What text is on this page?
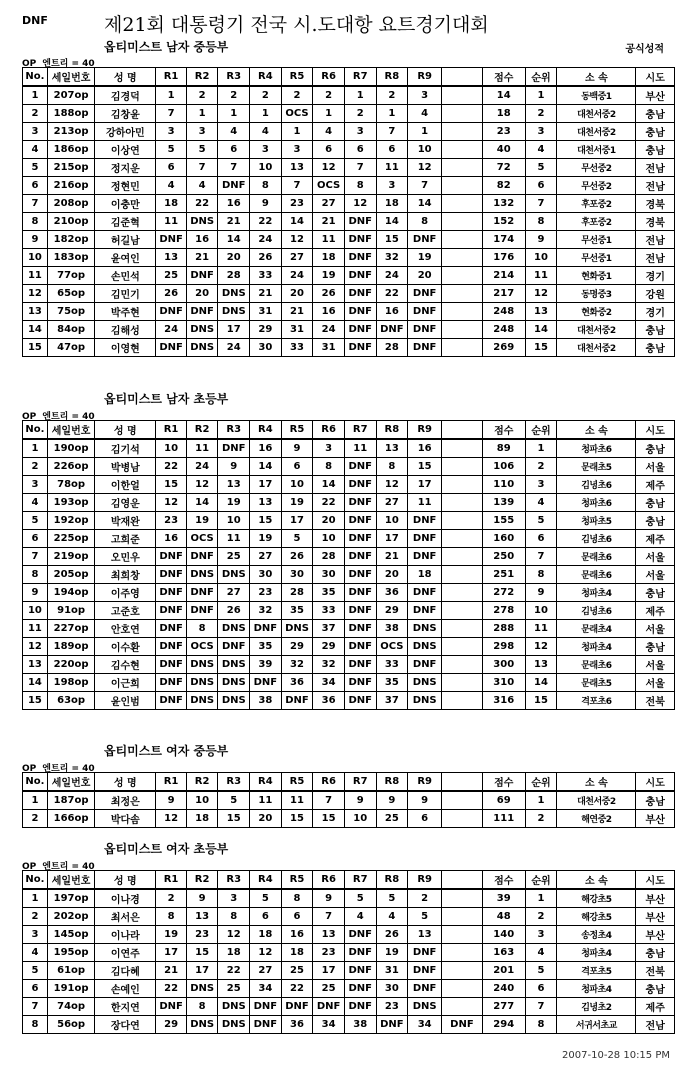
DNF	제21회 대통령기 전국 시.도대항 요트경기대회
공식성적
옵티미스트 남자 중등부
OP 엔트리 = 40
No.	세일번호	성 명	R1	R2	R3	R4	R5	R6	R7	R8	R9		점수	순위	소 속	시도
1	207op	김경덕	1	2	2	2	2	2	1	2	3		14	1	동백중1	부산
2	188op	김창윤	7	1	1	1	OCS	1	2	1	4		18	2	대천서중2	충남
3	213op	강하아민	3	3	4	4	1	4	3	7	1		23	3	대천서중2	충남
4	186op	이상연	5	5	6	3	3	6	6	6	10		40	4	대천서중1	충남
5	215op	정지운	6	7	7	10	13	12	7	11	12		72	5	무선중2	전남
6	216op	정현민	4	4	DNF	8	7	OCS	8	3	7		82	6	무선중2	전남
7	208op	이충만	18	22	16	9	23	27	12	18	14		132	7	후포중2	경북
8	210op	김준혁	11	DNS	21	22	14	21	DNF	14	8		152	8	후포중2	경북
9	182op	허길남	DNF	16	14	24	12	11	DNF	15	DNF		174	9	무선중1	전남
10	183op	윤여인	13	21	20	26	27	18	DNF	32	19		176	10	무선중1	전남
11	77op	손민석	25	DNF	28	33	24	19	DNF	24	20		214	11	현화중1	경기
12	65op	김민기	26	20	DNS	21	20	26	DNF	22	DNF		217	12	동명중3	강원
13	75op	박주현	DNF	DNF	DNS	31	21	16	DNF	16	DNF		248	13	현화중2	경기
14	84op	김해성	24	DNS	17	29	31	24	DNF	DNF	DNF		248	14	대천서중2	충남
15	47op	이영현	DNF	DNS	24	30	33	31	DNF	28	DNF		269	15	대천서중2	충남
옵티미스트 남자 초등부
OP 엔트리 = 40
No.	세일번호	성 명	R1	R2	R3	R4	R5	R6	R7	R8	R9		점수	순위	소 속	시도
1	190op	김기석	10	11	DNF	16	9	3	11	13	16		89	1	청파초6	충남
2	226op	박병남	22	24	9	14	6	8	DNF	8	15		106	2	문래초5	서울
3	78op	이한얼	15	12	13	17	10	14	DNF	12	17		110	3	김녕초6	제주
4	193op	김영운	12	14	19	13	19	22	DNF	27	11		139	4	청파초6	충남
5	192op	박재완	23	19	10	15	17	20	DNF	10	DNF		155	5	청파초5	충남
6	225op	고희준	16	OCS	11	19	5	10	DNF	17	DNF		160	6	김녕초6	제주
7	219op	오민우	DNF	DNF	25	27	26	28	DNF	21	DNF		250	7	문래초6	서울
8	205op	최희창	DNF	DNS	DNS	30	30	30	DNF	20	18		251	8	문래초6	서울
9	194op	이주영	DNF	DNF	27	23	28	35	DNF	36	DNF		272	9	청파초4	충남
10	91op	고준호	DNF	DNF	26	32	35	33	DNF	29	DNF		278	10	김녕초6	제주
11	227op	안호연	DNF	8	DNS	DNF	DNS	37	DNF	38	DNS		288	11	문래초4	서울
12	189op	이수환	DNF	OCS	DNF	35	29	29	DNF	OCS	DNS		298	12	청파초4	충남
13	220op	김수현	DNF	DNS	DNS	39	32	32	DNF	33	DNF		300	13	문래초6	서울
14	198op	이근희	DNF	DNS	DNS	DNF	36	34	DNF	35	DNS		310	14	문래초5	서울
15	63op	윤인범	DNF	DNS	DNS	38	DNF	36	DNF	37	DNS		316	15	격포초6	전북
옵티미스트 여자 중등부
OP 엔트리 = 40
No.	세일번호	성 명	R1	R2	R3	R4	R5	R6	R7	R8	R9		점수	순위	소 속	시도
1	187op	최정은	9	10	5	11	11	7	9	9	9		69	1	대천서중2	충남
2	166op	박다솜	12	18	15	20	15	15	10	25	6		111	2	해연중2	부산
옵티미스트 여자 초등부
OP 엔트리 = 40
No.	세일번호	성 명	R1	R2	R3	R4	R5	R6	R7	R8	R9		점수	순위	소 속	시도
1	197op	이나경	2	9	3	5	8	9	5	5	2		39	1	해강초5	부산
2	202op	최서은	8	13	8	6	6	7	4	4	5		48	2	해강초5	부산
3	145op	이나라	19	23	12	18	16	13	DNF	26	13		140	3	송정초4	부산
4	195op	이연주	17	15	18	12	18	23	DNF	19	DNF		163	4	청파초4	충남
5	61op	김다혜	21	17	22	27	25	17	DNF	31	DNF		201	5	격포초5	전북
6	191op	손예인	22	DNS	25	34	22	25	DNF	30	DNF		240	6	청파초4	충남
7	74op	한지연	DNF	8	DNS	DNF	DNF	DNF	DNF	23	DNS		277	7	김녕초2	제주
8	56op	장다연	29	DNS	DNS	DNF	36	34	38	DNF	34	DNF	294	8	서귀서초교	전남
2007-10-28 10:15 PM
